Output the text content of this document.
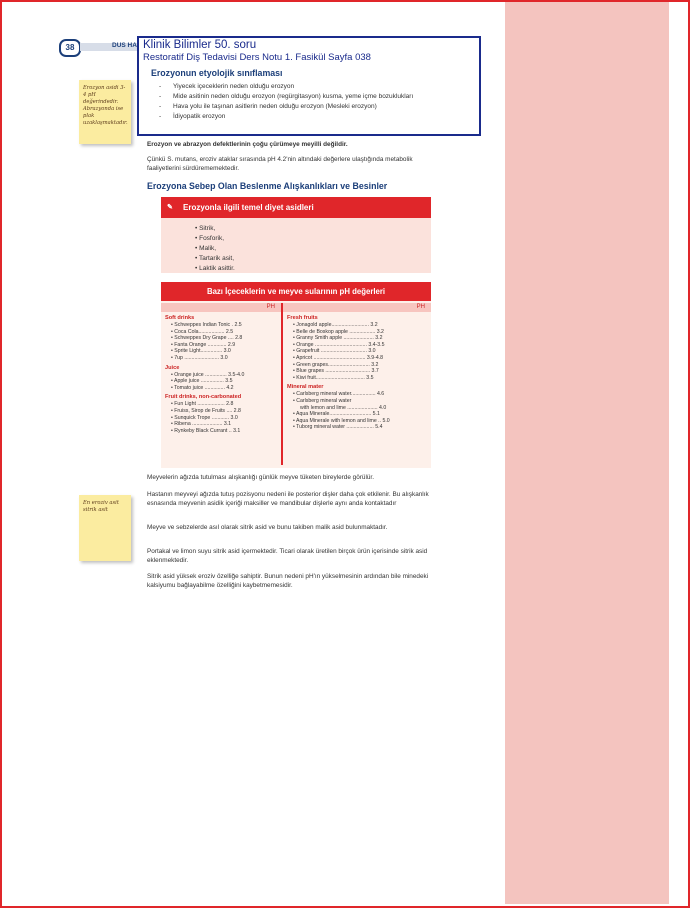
38	DUS HA
Erozyon asidi 3-4 pH değerindedir. Abrazyonda ise plak uzaklaşmaktadır.
En eroziv asit sitrik asit
Klinik Bilimler 50. soru
Restoratif Diş Tedavisi Ders Notu 1. Fasikül Sayfa 038
Erozyonun etyolojik sınıflaması
- Yiyecek içeceklerin neden olduğu erozyon
- Mide asitinin neden olduğu erozyon (regürgitasyon) kusma, yeme içme bozuklukları
- Hava yolu ile taşınan asitlerin neden olduğu erozyon (Mesleki erozyon)
- İdiyopatik erozyon
Erozyon ve abrazyon defektlerinin çoğu çürümeye meyilli değildir.
Çünkü S. mutans, eroziv ataklar sırasında pH 4.2'nin altındaki değerlere ulaştığında metabolik faaliyetlerini sürdürememektedir.
Erozyona Sebep Olan Beslenme Alışkanlıkları ve Besinler
✎ Erozyonla ilgili temel diyet asidleri
• Sitrik,
• Fosforik,
• Malik,
• Tartarik asit,
• Laktik asittir.
Bazı İçeceklerin ve meyve sularının pH değerleri
PH
Soft drinks
• Schweppes Indian Tonic . 2.5
• Coca Cola.................. 2.5
• Schweppes Dry Grape .... 2.8
• Fanta Orange ............. 2.9
• Sprite Light............... 3.0
• 7up ........................ 3.0
Juice
• Orange juice ............... 3.5-4.0
• Apple juice ................ 3.5
• Tomato juice .............. 4.2
Fruit drinks, non-carbonated
• Fun Light ................... 2.8
• Fruiss, Sirop de Fruits .... 2.8
• Sunquick Trope ............ 3.0
• Ribena ..................... 3.1
• Rynkeby Black Currant .. 3.1
PH
Fresh fruits
• Jonagold apple.......................... 3.2
• Belle de Boskop apple .................. 3.2
• Granny Smith apple ..................... 3.2
• Orange .................................... 3.4-3.5
• Grapefruit ................................ 3.0
• Apricot .................................... 3.9-4.8
• Green grapes............................. 3.2
• Blue grapes ............................... 3.7
• Kiwi fruit.................................. 3.5
Mineral mater
• Carlsberg mineral water................. 4.6
• Carlsberg mineral water
with lemon and lime ..................... 4.0
• Aqua Minerale............................. 5.1
• Aqua Minerale with lemon and lime .. 5.0
• Tuborg mineral water ................... 5.4
Meyvelerin ağızda tutulması alışkanlığı günlük meyve tüketen bireylerde görülür.
Hastanın meyveyi ağızda tutuş pozisyonu nedeni ile posterior dişler daha çok etkilenir. Bu alışkanlık esnasında meyvenin asidik içeriği maksiller ve mandibular dişlerle aynı anda kontaktadır
Meyve ve sebzelerde asıl olarak sitrik asid ve bunu takiben malik asid bulunmaktadır.
Portakal ve limon suyu sitrik asid içermektedir. Ticari olarak üretilen birçok ürün içerisinde sitrik asid eklenmektedir.
Sitrik asid yüksek eroziv özelliğe sahiptir. Bunun nedeni pH'ın yükselmesinin ardından bile minedeki kalsiyumu bağlayabilme özelliğini kaybetmemesidir.
